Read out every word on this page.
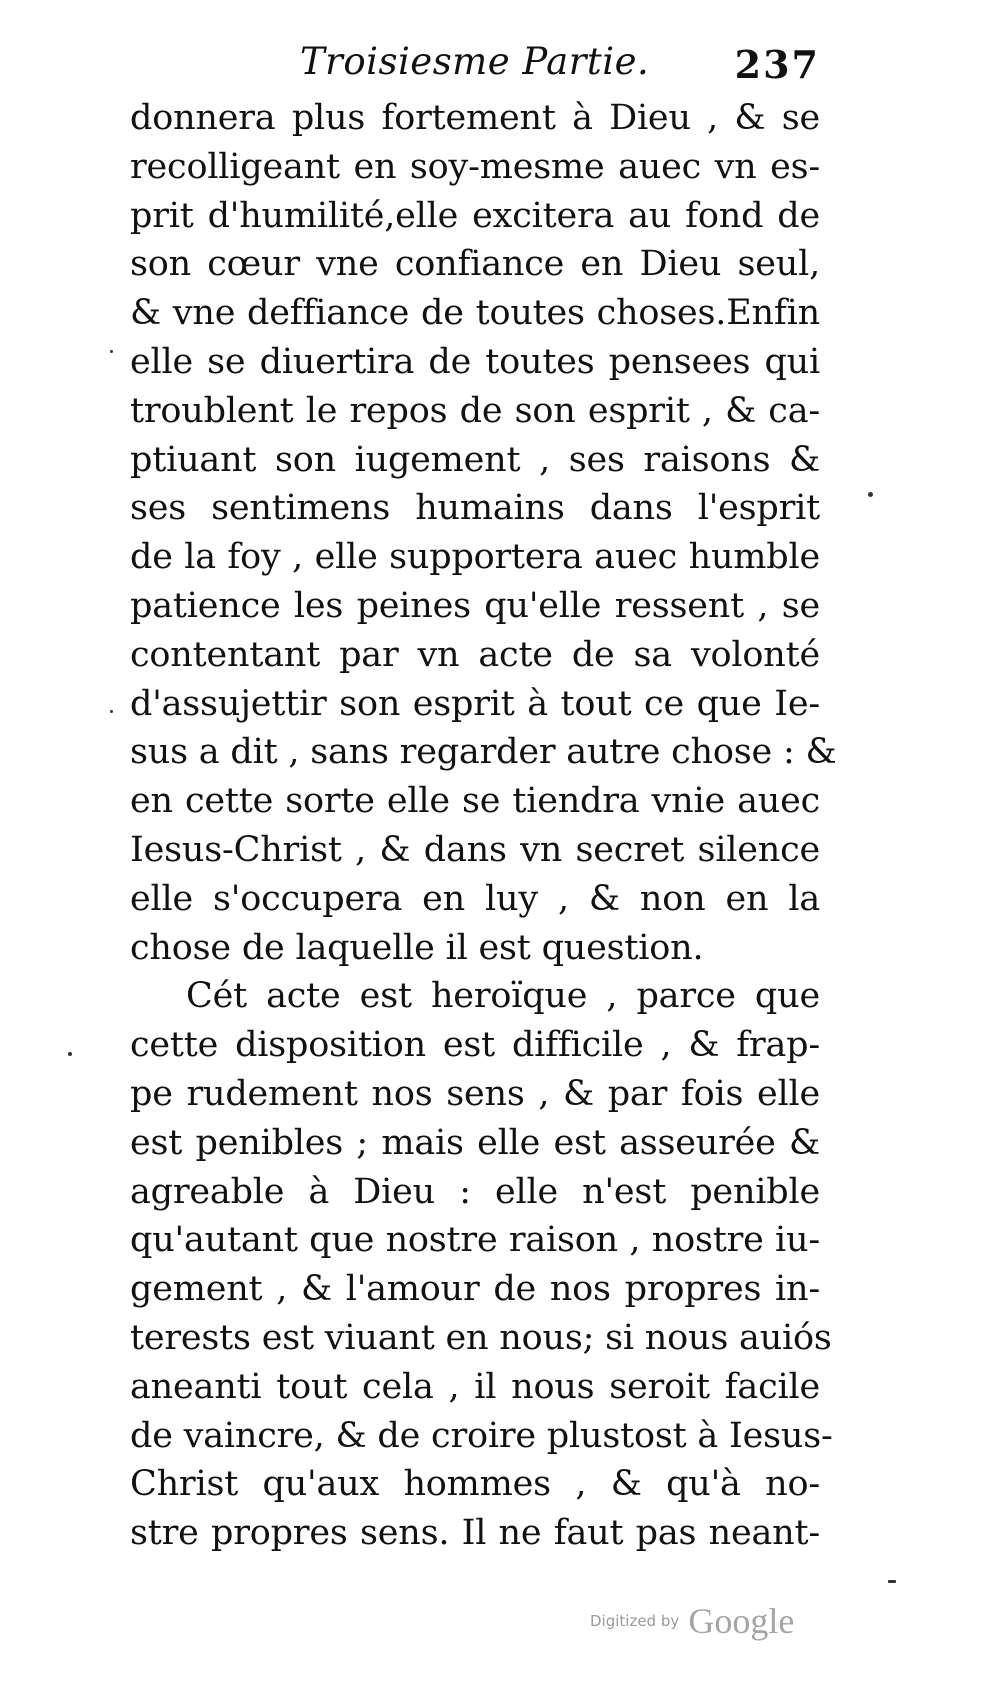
Troisiesme Partie. 237
donnera plus fortement à Dieu , & se
recolligeant en soy-mesme auec vn es-
prit d'humilité,elle excitera au fond de
son cœur vne confiance en Dieu seul,
& vne deffiance de toutes choses.Enfin
elle se diuertira de toutes pensees qui
troublent le repos de son esprit , & ca-
ptiuant son iugement , ses raisons &
ses sentimens humains dans l'esprit
de la foy , elle supportera auec humble
patience les peines qu'elle ressent , se
contentant par vn acte de sa volonté
d'assujettir son esprit à tout ce que Ie-
sus a dit , sans regarder autre chose : &
en cette sorte elle se tiendra vnie auec
Iesus-Christ , & dans vn secret silence
elle s'occupera en luy , & non en la
chose de laquelle il est question.
Cét acte est heroïque , parce que
cette disposition est difficile , & frap-
pe rudement nos sens , & par fois elle
est penibles ; mais elle est asseurée &
agreable à Dieu : elle n'est penible
qu'autant que nostre raison , nostre iu-
gement , & l'amour de nos propres in-
terests est viuant en nous; si nous auiós
aneanti tout cela , il nous seroit facile
de vaincre, & de croire plustost à Iesus-
Christ qu'aux hommes , & qu'à no-
stre propres sens. Il ne faut pas neant-
Digitized by Google
